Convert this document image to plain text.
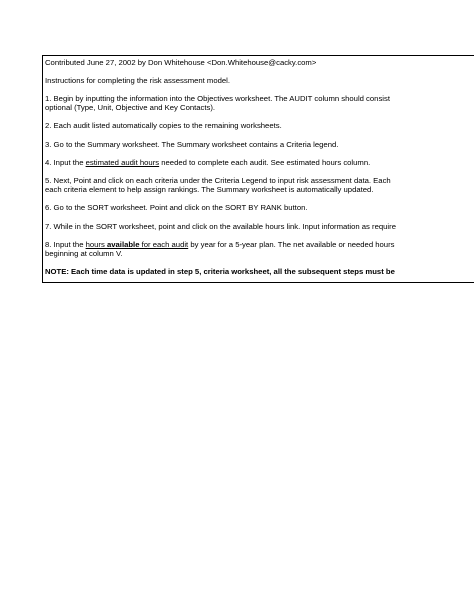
Contributed June 27, 2002 by Don Whitehouse <Don.Whitehouse@cacky.com>
Instructions for completing the risk assessment model.
1. Begin by inputting the information into the Objectives worksheet. The AUDIT column should consist
optional (Type, Unit, Objective and Key Contacts).
2. Each audit listed automatically copies to the remaining worksheets.
3. Go to the Summary worksheet. The Summary worksheet contains a Criteria legend.
4. Input the estimated audit hours needed to complete each audit. See estimated hours column.
5. Next, Point and click on each criteria under the Criteria Legend to input risk assessment data. Each
each criteria element to help assign rankings. The Summary worksheet is automatically updated.
6. Go to the SORT worksheet. Point and click on the SORT BY RANK button.
7. While in the SORT worksheet, point and click on the available hours link. Input information as require
8. Input the hours available for each audit by year for a 5-year plan. The net available or needed hours
beginning at column V.
NOTE: Each time data is updated in step 5, criteria worksheet, all the subsequent steps must be
